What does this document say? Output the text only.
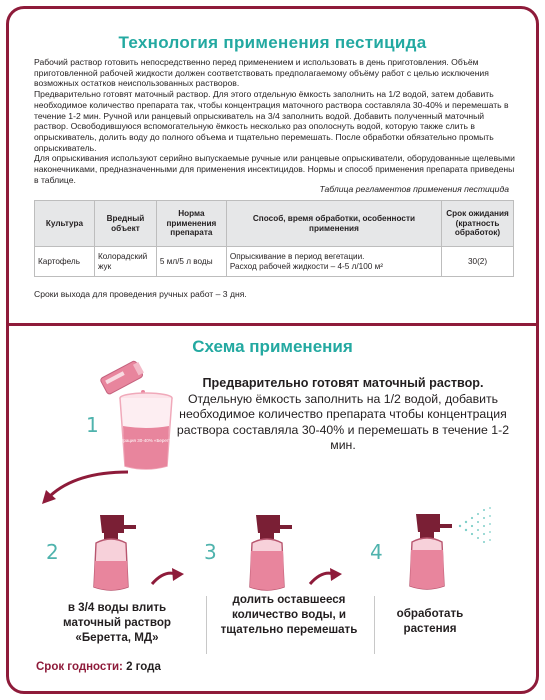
Технология применения пестицида

Рабочий раствор готовить непосредственно перед применением и использовать в день приготовления. Объём приготовленной рабочей жидкости должен соответствовать предполагаемому объёму работ с целью исключения возможных остатков неиспользованных растворов.

Предварительно готовят маточный раствор. Для этого отдельную ёмкость заполнить на 1/2 водой, затем добавить необходимое количество препарата так, чтобы концентрация маточного раствора составляла 30-40% и перемешать в течение 1-2 мин. Ручной или ранцевый опрыскиватель на 3/4 заполнить водой. Добавить полученный маточный раствор. Освободившуюся вспомогательную ёмкость несколько раз ополоснуть водой, которую также слить в опрыскиватель, долить воду до полного объема и тщательно перемешать. После обработки обязательно промыть опрыскиватель.

Для опрыскивания используют серийно выпускаемые ручные или ранцевые опрыскиватели, оборудованные щелевыми наконечниками, предназначенными для применения инсектицидов. Нормы и способ применения препарата приведены в таблице.

Таблица регламентов применения пестицида
Культура	Вредный объект	Норма применения препарата	Способ, время обработки, особенности применения	Срок ожидания (кратность обработок)
Картофель	Колорадский жук	5 мл/5 л воды	Опрыскивание в период вегетации.
Расход рабочей жидкости – 4-5 л/100 м²	30(2)
Сроки выхода для проведения ручных работ – 3 дня.
Схема применения
концентрация 30-40% «Беретта, МД»
1
Предварительно готовят маточный раствор.
Отдельную ёмкость заполнить на 1/2 водой, добавить необходимое количество препарата чтобы концентрация раствора составляла 30-40% и перемешать в течение 1-2 мин.
2	3	4
в 3/4 воды влить маточный раствор «Беретта, МД»
долить оставшееся количество воды, и тщательно перемешать
обработать растения
Срок годности: 2 года
